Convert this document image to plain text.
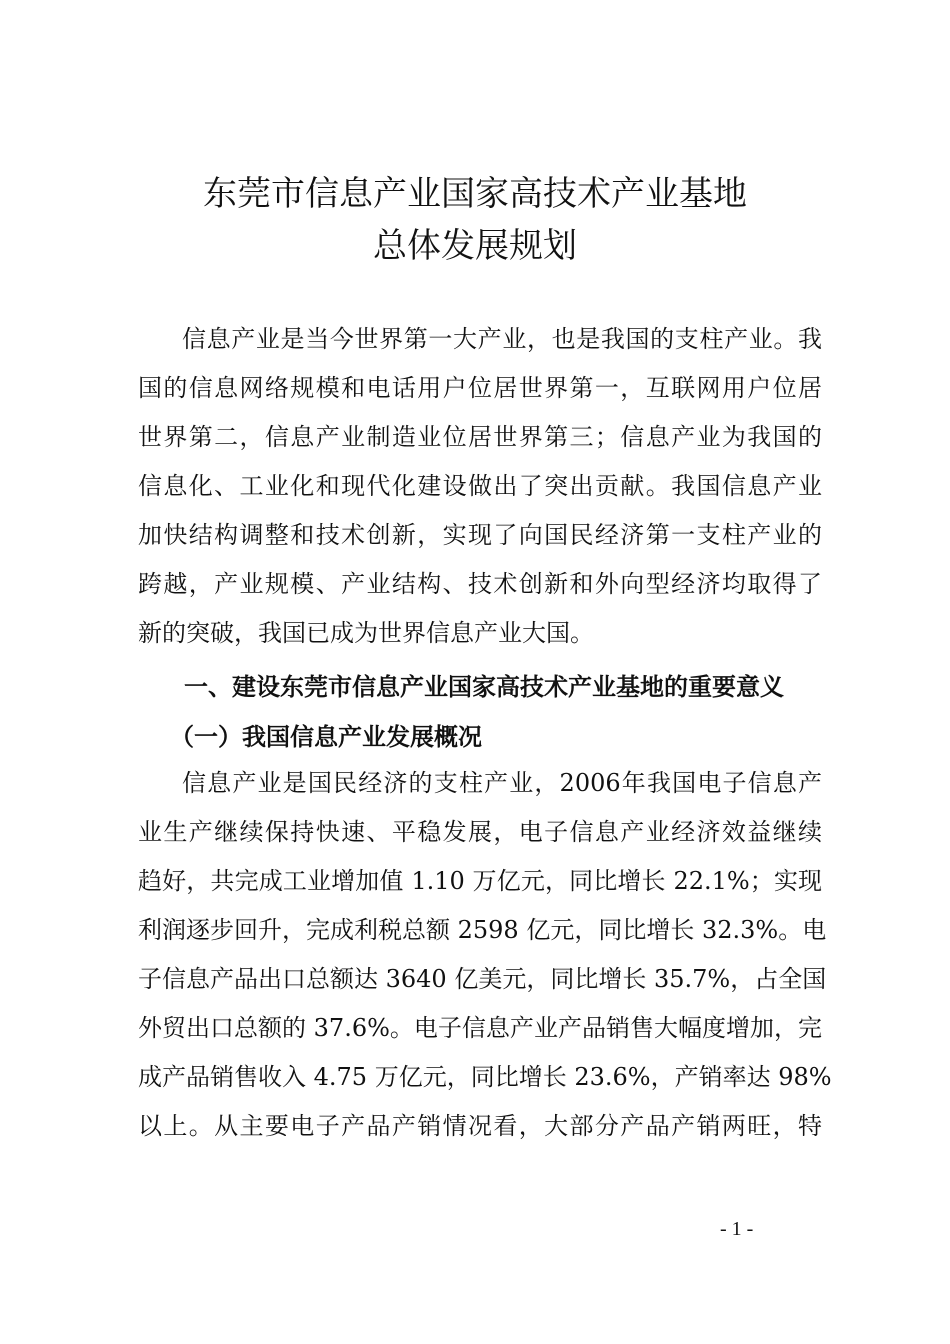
东莞市信息产业国家高技术产业基地
总体发展规划
信息产业是当今世界第一大产业，也是我国的支柱产业。我
国的信息网络规模和电话用户位居世界第一，互联网用户位居
世界第二，信息产业制造业位居世界第三；信息产业为我国的
信息化、工业化和现代化建设做出了突出贡献。我国信息产业
加快结构调整和技术创新，实现了向国民经济第一支柱产业的
跨越，产业规模、产业结构、技术创新和外向型经济均取得了
新的突破，我国已成为世界信息产业大国。
一、建设东莞市信息产业国家高技术产业基地的重要意义
（一）我国信息产业发展概况
信息产业是国民经济的支柱产业，2006年我国电子信息产
业生产继续保持快速、平稳发展，电子信息产业经济效益继续
趋好，共完成工业增加值 1.10 万亿元，同比增长 22.1%；实现
利润逐步回升，完成利税总额 2598 亿元，同比增长 32.3%。电
子信息产品出口总额达 3640 亿美元，同比增长 35.7%，占全国
外贸出口总额的 37.6%。电子信息产业产品销售大幅度增加，完
成产品销售收入 4.75 万亿元，同比增长 23.6%，产销率达 98%
以上。从主要电子产品产销情况看，大部分产品产销两旺，特
- 1 -
